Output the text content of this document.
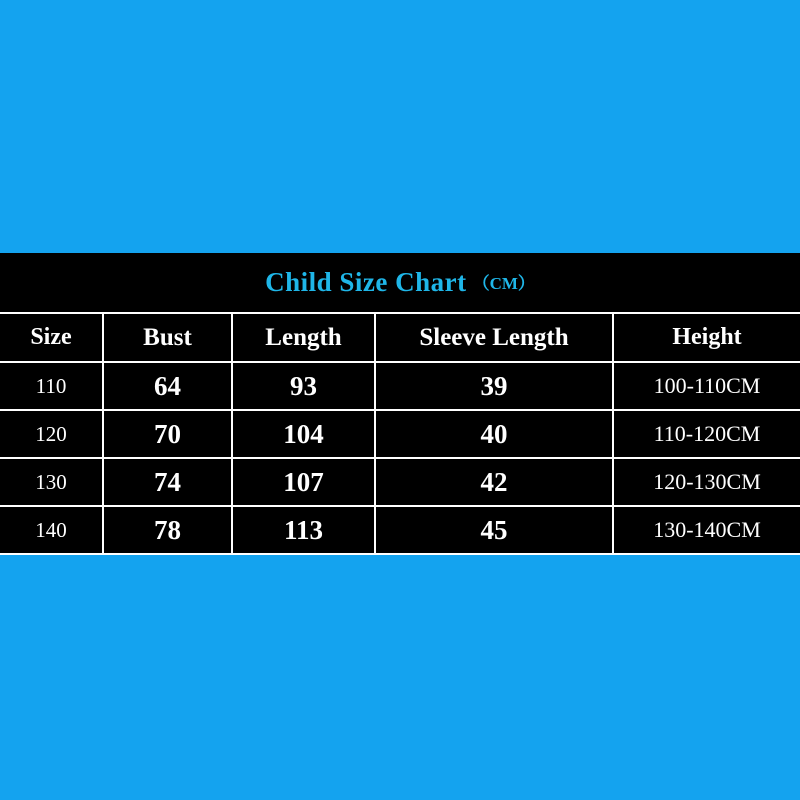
Child Size Chart （CM）
Size	Bust	Length	Sleeve Length	Height
110	64	93	39	100-110CM
120	70	104	40	110-120CM
130	74	107	42	120-130CM
140	78	113	45	130-140CM
